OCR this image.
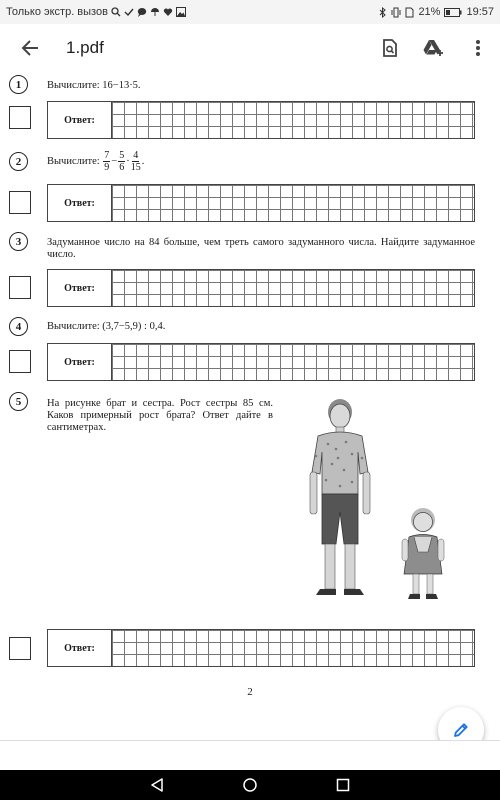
Только экстр. вызов	21% 19:57
1.pdf
1	Вычислите: 16−13·5.
Ответ:
2	Вычислите:
$\frac{7}{9} - \frac{5}{6} \cdot \frac{4}{15}$ .
Ответ:
3	Задуманное число на 84 больше, чем треть самого задуманного числа. Найдите задуманное число.
Ответ:
4	Вычислите: (3,7−5,9) : 0,4.
Ответ:
5	На рисунке брат и сестра. Рост сестры 85 см. Каков примерный рост брата? Ответ дайте в сантиметрах.
Ответ:
2
